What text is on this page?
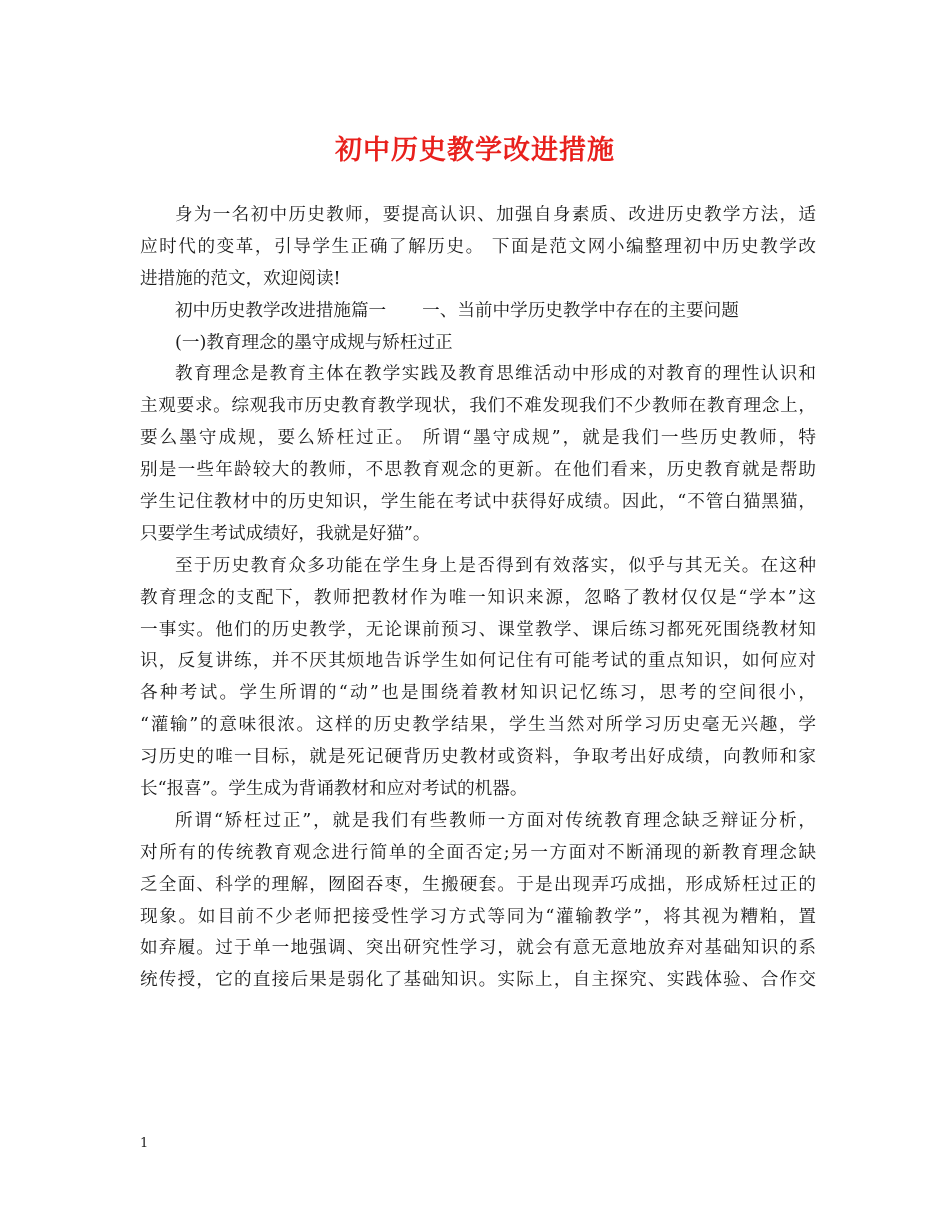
初中历史教学改进措施
身为一名初中历史教师，要提高认识、加强自身素质、改进历史教学方法，适
应时代的变革，引导学生正确了解历史。 下面是范文网小编整理初中历史教学改
进措施的范文，欢迎阅读!
初中历史教学改进措施篇一 一、当前中学历史教学中存在的主要问题
(一)教育理念的墨守成规与矫枉过正
教育理念是教育主体在教学实践及教育思维活动中形成的对教育的理性认识和
主观要求。综观我市历史教育教学现状，我们不难发现我们不少教师在教育理念上，
要么墨守成规，要么矫枉过正。 所谓“墨守成规”，就是我们一些历史教师，特
别是一些年龄较大的教师，不思教育观念的更新。在他们看来，历史教育就是帮助
学生记住教材中的历史知识，学生能在考试中获得好成绩。因此，“不管白猫黑猫，
只要学生考试成绩好，我就是好猫”。
至于历史教育众多功能在学生身上是否得到有效落实，似乎与其无关。在这种
教育理念的支配下，教师把教材作为唯一知识来源，忽略了教材仅仅是“学本”这
一事实。他们的历史教学，无论课前预习、课堂教学、课后练习都死死围绕教材知
识，反复讲练，并不厌其烦地告诉学生如何记住有可能考试的重点知识，如何应对
各种考试。学生所谓的“动”也是围绕着教材知识记忆练习，思考的空间很小，
“灌输”的意味很浓。这样的历史教学结果，学生当然对所学习历史毫无兴趣，学
习历史的唯一目标，就是死记硬背历史教材或资料，争取考出好成绩，向教师和家
长“报喜”。学生成为背诵教材和应对考试的机器。
所谓“矫枉过正”，就是我们有些教师一方面对传统教育理念缺乏辩证分析，
对所有的传统教育观念进行简单的全面否定;另一方面对不断涌现的新教育理念缺
乏全面、科学的理解，囫囵吞枣，生搬硬套。于是出现弄巧成拙，形成矫枉过正的
现象。如目前不少老师把接受性学习方式等同为“灌输教学”，将其视为糟粕，置
如弃履。过于单一地强调、突出研究性学习，就会有意无意地放弃对基础知识的系
统传授，它的直接后果是弱化了基础知识。实际上，自主探究、实践体验、合作交
1
